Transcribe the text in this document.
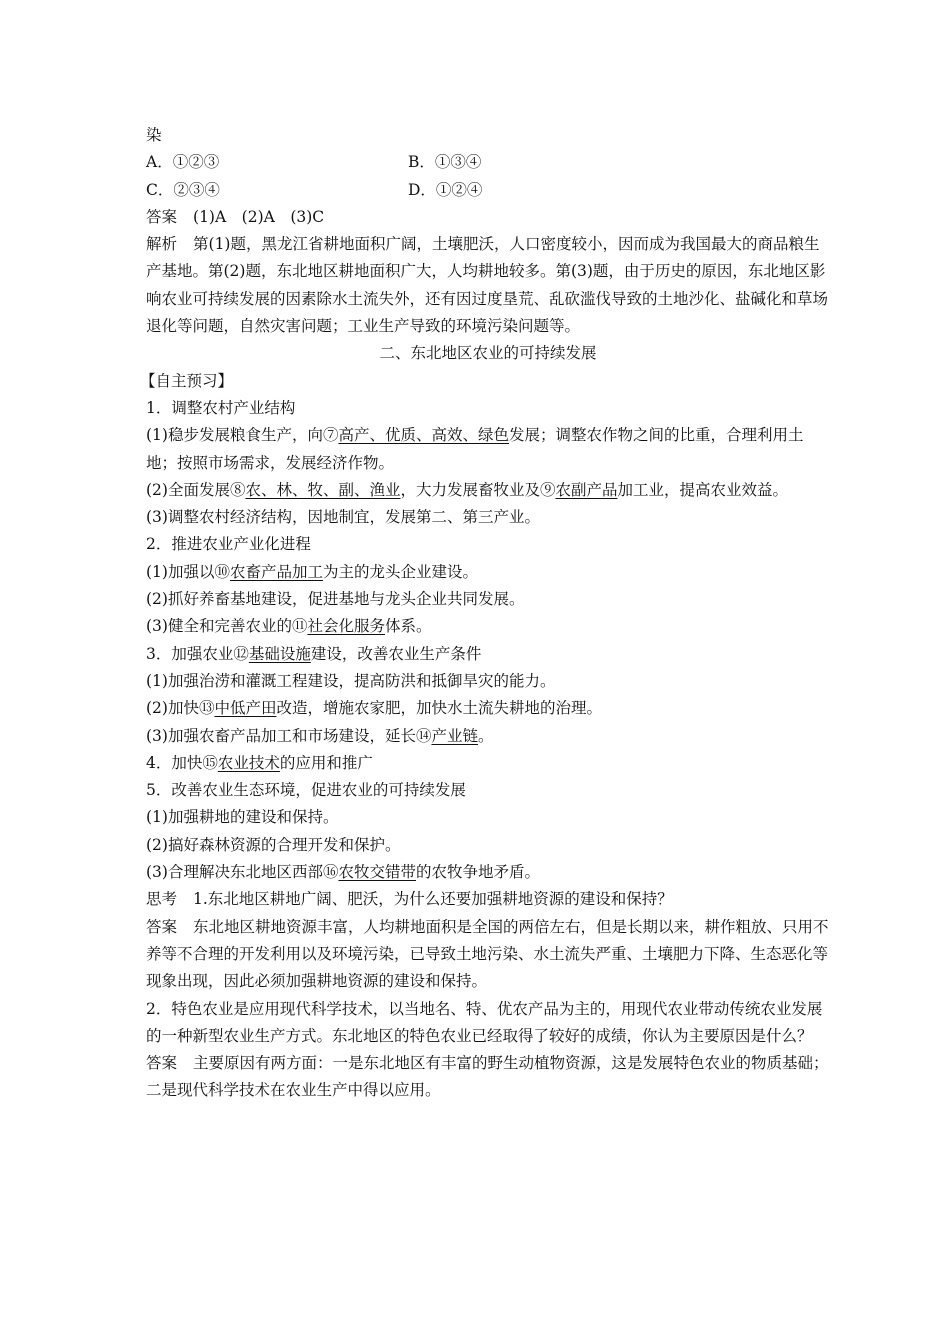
染
A．①②③	B．①③④
C．②③④	D．①②④
答案 (1)A　(2)A　(3)C
解析 第(1)题，黑龙江省耕地面积广阔，土壤肥沃，人口密度较小，因而成为我国最大的商品粮生产基地。第(2)题，东北地区耕地面积广大，人均耕地较多。第(3)题，由于历史的原因，东北地区影响农业可持续发展的因素除水土流失外，还有因过度垦荒、乱砍滥伐导致的土地沙化、盐碱化和草场退化等问题，自然灾害问题；工业生产导致的环境污染问题等。
二、东北地区农业的可持续发展
【自主预习】
1．调整农村产业结构
(1)稳步发展粮食生产，向⑦高产、优质、高效、绿色发展；调整农作物之间的比重，合理利用土地；按照市场需求，发展经济作物。
(2)全面发展⑧农、林、牧、副、渔业，大力发展畜牧业及⑨农副产品加工业，提高农业效益。
(3)调整农村经济结构，因地制宜，发展第二、第三产业。
2．推进农业产业化进程
(1)加强以⑩农畜产品加工为主的龙头企业建设。
(2)抓好养畜基地建设，促进基地与龙头企业共同发展。
(3)健全和完善农业的⑪社会化服务体系。
3．加强农业⑫基础设施建设，改善农业生产条件
(1)加强治涝和灌溉工程建设，提高防洪和抵御旱灾的能力。
(2)加快⑬中低产田改造，增施农家肥，加快水土流失耕地的治理。
(3)加强农畜产品加工和市场建设，延长⑭产业链。
4．加快⑮农业技术的应用和推广
5．改善农业生态环境，促进农业的可持续发展
(1)加强耕地的建设和保持。
(2)搞好森林资源的合理开发和保护。
(3)合理解决东北地区西部⑯农牧交错带的农牧争地矛盾。
思考 1.东北地区耕地广阔、肥沃，为什么还要加强耕地资源的建设和保持？
答案 东北地区耕地资源丰富，人均耕地面积是全国的两倍左右，但是长期以来，耕作粗放、只用不养等不合理的开发利用以及环境污染，已导致土地污染、水土流失严重、土壤肥力下降、生态恶化等现象出现，因此必须加强耕地资源的建设和保持。
2．特色农业是应用现代科学技术，以当地名、特、优农产品为主的，用现代农业带动传统农业发展的一种新型农业生产方式。东北地区的特色农业已经取得了较好的成绩，你认为主要原因是什么？
答案 主要原因有两方面：一是东北地区有丰富的野生动植物资源，这是发展特色农业的物质基础；二是现代科学技术在农业生产中得以应用。
